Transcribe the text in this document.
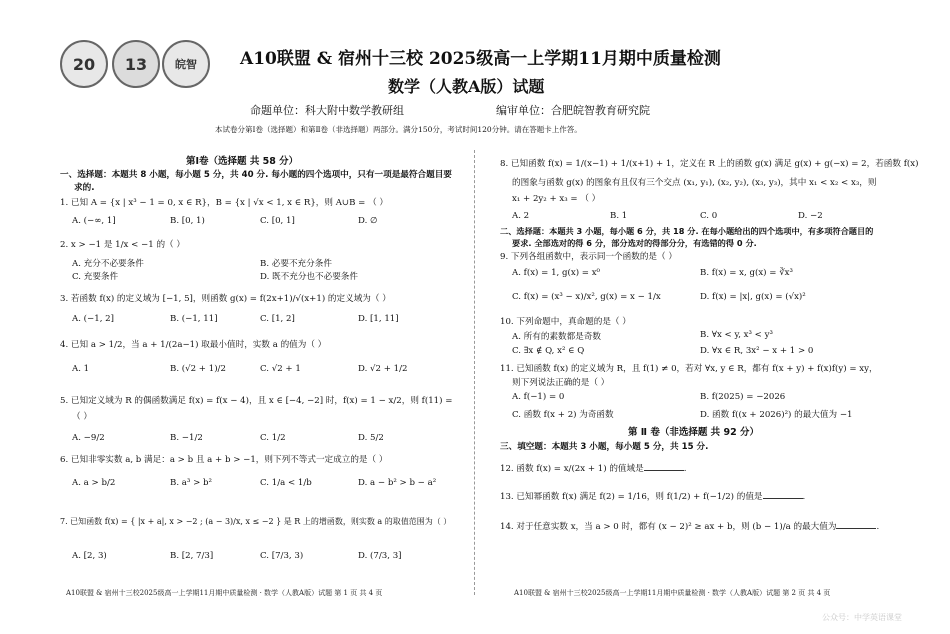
20	13	皖智	A10联盟 & 宿州十三校 2025级高一上学期11月期中质量检测
数学（人教A版）试题
命题单位：科大附中数学教研组	编审单位：合肥皖智教育研究院
本试卷分第Ⅰ卷（选择题）和第Ⅱ卷（非选择题）两部分。满分150分，考试时间120分钟。请在答题卡上作答。
第Ⅰ卷（选择题 共 58 分）
一、选择题：本题共 8 小题，每小题 5 分，共 40 分. 每小题的四个选项中，只有一项是最符合题目要
求的.
1. 已知 A = {x | x³ − 1 = 0, x ∈ R}，B = {x | √x < 1, x ∈ R}，则 A∪B = （ ）
A. (−∞, 1]	B. [0, 1)	C. [0, 1]	D. ∅
2. x > −1 是 1/x < −1 的（ ）
A. 充分不必要条件	B. 必要不充分条件
C. 充要条件	D. 既不充分也不必要条件
3. 若函数 f(x) 的定义域为 [−1, 5]，则函数 g(x) = f(2x+1)/√(x+1) 的定义域为（ ）
A. (−1, 2]	B. (−1, 11]	C. [1, 2]	D. [1, 11]
4. 已知 a > 1/2，当 a + 1/(2a−1) 取最小值时，实数 a 的值为（ ）
A. 1	B. (√2 + 1)/2	C. √2 + 1	D. √2 + 1/2
5. 已知定义域为 R 的偶函数满足 f(x) = f(x − 4)，且 x ∈ [−4, −2] 时，f(x) = 1 − x/2，则 f(11) =
（ ）
A. −9/2	B. −1/2	C. 1/2	D. 5/2
6. 已知非零实数 a, b 满足：a > b 且 a + b > −1，则下列不等式一定成立的是（ ）
A. a > b/2	B. a³ > b²	C. 1/a < 1/b	D. a − b² > b − a²
7. 已知函数 f(x) = { |x + a|, x > −2 ; (a − 3)/x, x ≤ −2 } 是 R 上的增函数，则实数 a 的取值范围为（ ）
A. [2, 3)	B. [2, 7/3]	C. [7/3, 3)	D. (7/3, 3]
A10联盟 & 宿州十三校2025级高一上学期11月期中质量检测 · 数学（人教A版）试题 第 1 页 共 4 页
8. 已知函数 f(x) = 1/(x−1) + 1/(x+1) + 1，定义在 R 上的函数 g(x) 满足 g(x) + g(−x) = 2，若函数 f(x)
的图象与函数 g(x) 的图象有且仅有三个交点 (x₁, y₁), (x₂, y₂), (x₃, y₃)，其中 x₁ < x₂ < x₃，则
x₁ + 2y₂ + x₃ = （ ）
A. 2	B. 1	C. 0	D. −2
二、选择题：本题共 3 小题，每小题 6 分，共 18 分. 在每小题给出的四个选项中，有多项符合题目的
要求. 全部选对的得 6 分，部分选对的得部分分，有选错的得 0 分.
9. 下列各组函数中，表示同一个函数的是（ ）
A. f(x) = 1, g(x) = x⁰	B. f(x) = x, g(x) = ∛x³
C. f(x) = (x³ − x)/x², g(x) = x − 1/x	D. f(x) = |x|, g(x) = (√x)²
10. 下列命题中，真命题的是（ ）
A. 所有的素数都是奇数	B. ∀x < y, x³ < y³
C. ∃x ∉ Q, x² ∈ Q	D. ∀x ∈ R, 3x² − x + 1 > 0
11. 已知函数 f(x) 的定义域为 R，且 f(1) ≠ 0，若对 ∀x, y ∈ R，都有 f(x + y) + f(x)f(y) = xy，
则下列说法正确的是（ ）
A. f(−1) = 0	B. f(2025) = −2026
C. 函数 f(x + 2) 为奇函数	D. 函数 f((x + 2026)²) 的最大值为 −1
第 Ⅱ 卷（非选择题 共 92 分）
三、填空题：本题共 3 小题，每小题 5 分，共 15 分.
12. 函数 f(x) = x/(2x + 1) 的值域是	.
13. 已知幂函数 f(x) 满足 f(2) = 1/16，则 f(1/2) + f(−1/2) 的值是	.
14. 对于任意实数 x，当 a > 0 时，都有 (x − 2)² ≥ ax + b，则 (b − 1)/a 的最大值为	.
A10联盟 & 宿州十三校2025级高一上学期11月期中质量检测 · 数学（人教A版）试题 第 2 页 共 4 页
公众号：中学英语课堂
